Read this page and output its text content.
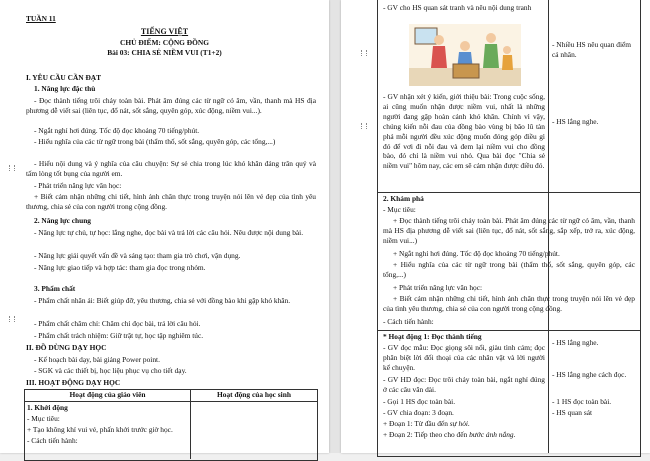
TUẦN 11
TIẾNG VIỆT
CHỦ ĐIỂM: CỘNG ĐỒNG
Bài 03: CHIA SẺ NIỀM VUI (T1+2)
I. YÊU CẦU CẦN ĐẠT
1. Năng lực đặc thù
- Đọc thành tiếng trôi chảy toàn bài. Phát âm đúng các từ ngữ có âm, vần, thanh mà HS địa phương dễ viết sai (liên tục, đổ nát, sốt sắng, quyên góp, xúc động, niềm vui...).
- Ngắt nghỉ hơi đúng. Tốc độ đọc khoảng 70 tiếng/phút.
- Hiểu nghĩa của các từ ngữ trong bài (thẩm thố, sốt sắng, quyên góp, các tổng,...)
- Hiểu nội dung và ý nghĩa của câu chuyện: Sự sẻ chia trong lúc khó khăn đáng trân quý và tấm lòng tốt bụng của người em.
- Phát triển năng lực văn học:
+ Biết cảm nhận những chi tiết, hình ảnh chân thực trong truyện nói lên vẻ đẹp của tình yêu thương, chia sẻ của con người trong cộng đồng.
2. Năng lực chung
- Năng lực tự chủ, tự học: lắng nghe, đọc bài và trả lời các câu hỏi. Nêu được nội dung bài.
- Năng lực giải quyết vấn đề và sáng tạo: tham gia trò chơi, vận dụng.
- Năng lực giao tiếp và hợp tác: tham gia đọc trong nhóm.
3. Phẩm chất
- Phẩm chất nhân ái: Biết giúp đỡ, yêu thương, chia sẻ với đồng bào khi gặp khó khăn.
- Phẩm chất chăm chỉ: Chăm chỉ đọc bài, trả lời câu hỏi.
- Phẩm chất trách nhiệm: Giữ trật tự, học tập nghiêm túc.
II. ĐỒ DÙNG DẠY HỌC
- Kế hoạch bài dạy, bài giảng Power point.
- SGK và các thiết bị, học liệu phục vụ cho tiết dạy.
III. HOẠT ĐỘNG DẠY HỌC
Hoạt động của giáo viên	Hoạt động của học sinh
1. Khởi động
- Mục tiêu:
+ Tạo không khí vui vẻ, phấn khởi trước giờ học.
- Cách tiến hành:
- GV cho HS quan sát tranh và nêu nội dung tranh
- Nhiều HS nêu quan điểm cá nhân.
- GV nhận xét ý kiến, giới thiệu bài: Trong cuộc sống, ai cũng muốn nhận được niềm vui, nhất là những người đang gặp hoàn cảnh khó khăn. Chính vì vậy, chúng kiến nỗi đau của đồng bào vùng bị bão lũ tàn phá mỗi người đều xúc động muốn đóng góp điều gì đó để vơi đi nỗi đau và đem lại niềm vui cho đồng bào, đó chỉ là niềm vui nhỏ. Qua bài đọc "Chia sẻ niềm vui" hôm nay, các em sẽ cảm nhận được điều đó.
- HS lắng nghe.
2. Khám phá
- Mục tiêu:
+ Đọc thành tiếng trôi chảy toàn bài. Phát âm đúng các từ ngữ có âm, vần, thanh mà HS địa phương dễ viết sai (liên tục, đổ nát, sốt sắng, sắp xếp, trở ra, xúc động, niềm vui...)
+ Ngắt nghỉ hơi đúng. Tốc độ đọc khoảng 70 tiếng/phút.
+ Hiểu nghĩa của các từ ngữ trong bài (thẩm thố, sốt sắng, quyên góp, các tổng,...)
+ Phát triển năng lực văn học:
+ Biết cảm nhận những chi tiết, hình ảnh chân thực trong truyện nói lên vẻ đẹp của tình yêu thương, chia sẻ của con người trong cộng đồng.
- Cách tiến hành:
* Hoạt động 1: Đọc thành tiếng
- GV đọc mẫu: Đọc giọng sôi nổi, giàu tình cảm; đọc phân biệt lời đối thoại của các nhân vật và lời người kể chuyện.
- GV HD đọc: Đọc trôi chảy toàn bài, ngắt nghỉ đúng ở các câu văn dài.
- Gọi 1 HS đọc toàn bài.
- GV chia đoạn: 3 đoạn.
+ Đoạn 1: Từ đầu đến sự hỏi.
+ Đoạn 2: Tiếp theo cho đến bước ánh nắng.
- HS lắng nghe.
- HS lắng nghe cách đọc.
- 1 HS đọc toàn bài.
- HS quan sát
